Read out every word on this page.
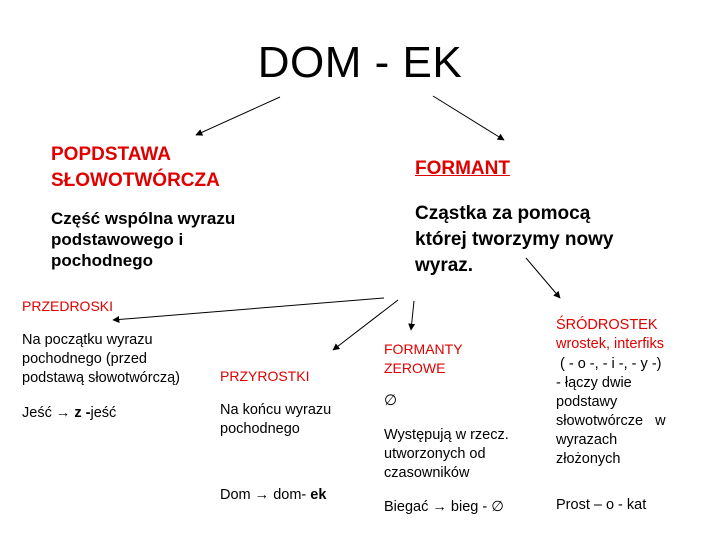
DOM - EK
POPDSTAWA
SŁOWOTWÓRCZA
Część wspólna wyrazu
podstawowego i
pochodnego
FORMANT
Cząstka za pomocą
której tworzymy nowy
wyraz.
PRZEDROSKI
Na początku wyrazu
pochodnego (przed
podstawą słowotwórczą)
Jeść → z -jeść
PRZYROSTKI
Na końcu wyrazu
pochodnego
Dom → dom- ek
FORMANTY
ZEROWE
∅
Występują w rzecz.
utworzonych od
czasowników
Biegać → bieg - ∅
ŚRÓDROSTEK
wrostek, interfiks
( - o -, - i -, - y -)
- łączy dwie
podstawy
słowotwórcze   w
wyrazach
złożonych
Prost – o - kat
